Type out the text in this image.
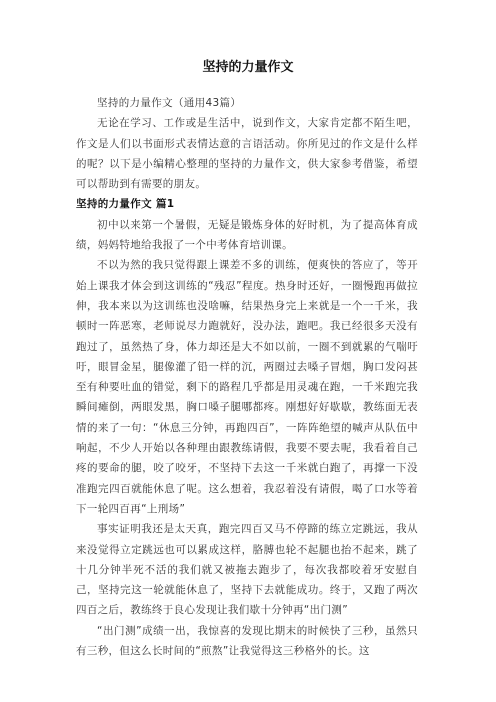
坚持的力量作文

坚持的力量作文（通用43篇）

无论在学习、工作或是生活中，说到作文，大家肯定都不陌生吧，作文是人们以书面形式表情达意的言语活动。你所见过的作文是什么样的呢？以下是小编精心整理的坚持的力量作文，供大家参考借鉴，希望可以帮助到有需要的朋友。

坚持的力量作文 篇1

初中以来第一个暑假，无疑是锻炼身体的好时机，为了提高体育成绩，妈妈特地给我报了一个中考体育培训课。

不以为然的我只觉得跟上课差不多的训练，便爽快的答应了，等开始上课我才体会到这训练的“残忍”程度。热身时还好，一圈慢跑再做拉伸，我本来以为这训练也没啥嘛，结果热身完上来就是一个一千米，我顿时一阵恶寒，老师说尽力跑就好，没办法，跑吧。我已经很多天没有跑过了，虽然热了身，体力却还是大不如以前，一圈不到就累的气喘吁吁，眼冒金星，腿像灌了铅一样的沉，两圈过去嗓子冒烟，胸口发闷甚至有种要吐血的错觉，剩下的路程几乎都是用灵魂在跑，一千米跑完我瞬间瘫倒，两眼发黑，胸口嗓子腿哪都疼。刚想好好歇歇，教练面无表情的来了一句：“休息三分钟，再跑四百”，一阵阵绝望的喊声从队伍中响起，不少人开始以各种理由跟教练请假，我要不要去呢，我看着自己疼的要命的腿，咬了咬牙，不坚持下去这一千米就白跑了，再撑一下没准跑完四百就能休息了呢。这么想着，我忍着没有请假，喝了口水等着下一轮四百再“上刑场”

事实证明我还是太天真，跑完四百又马不停蹄的练立定跳远，我从来没觉得立定跳远也可以累成这样，胳膊也轮不起腿也抬不起来，跳了十几分钟半死不活的我们就又被拖去跑步了，每次我都咬着牙安慰自己，坚持完这一轮就能休息了，坚持下去就能成功。终于，又跑了两次四百之后，教练终于良心发现让我们歇十分钟再“出门测”

“出门测”成绩一出，我惊喜的发现比期末的时候快了三秒，虽然只有三秒，但这么长时间的“煎熬”让我觉得这三秒格外的长。这
